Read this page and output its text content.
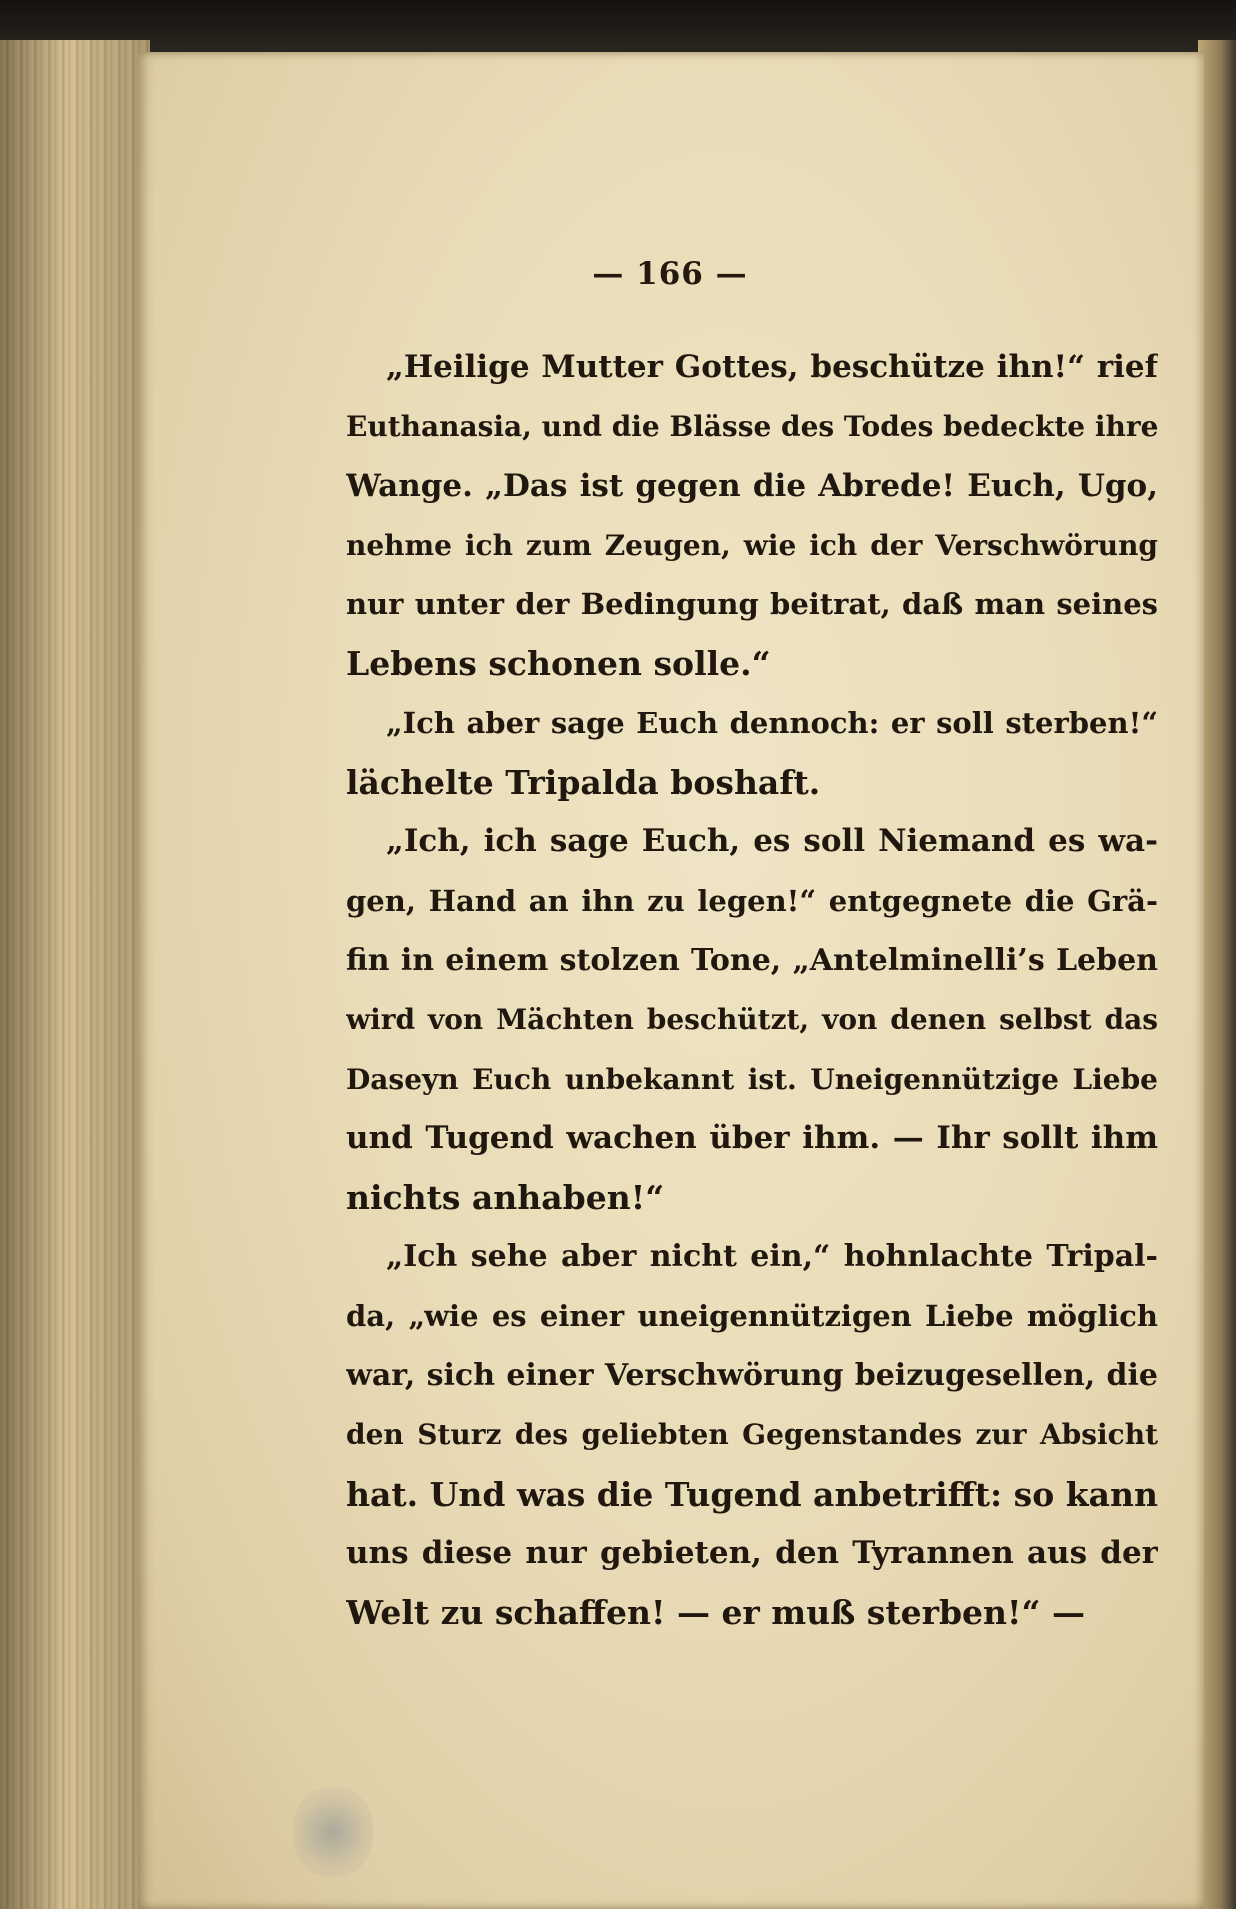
— 166 —
„Heilige Mutter Gottes, beschütze ihn!“ rief
Euthanasia, und die Blässe des Todes bedeckte ihre
Wange. „Das ist gegen die Abrede! Euch, Ugo,
nehme ich zum Zeugen, wie ich der Verschwörung
nur unter der Bedingung beitrat, daß man seines
Lebens schonen solle.“
„Ich aber sage Euch dennoch: er soll sterben!“
lächelte Tripalda boshaft.
„Ich, ich sage Euch, es soll Niemand es wa-
gen, Hand an ihn zu legen!“ entgegnete die Grä-
fin in einem stolzen Tone, „Antelminelli’s Leben
wird von Mächten beschützt, von denen selbst das
Daseyn Euch unbekannt ist. Uneigennützige Liebe
und Tugend wachen über ihm. — Ihr sollt ihm
nichts anhaben!“
„Ich sehe aber nicht ein,“ hohnlachte Tripal-
da, „wie es einer uneigennützigen Liebe möglich
war, sich einer Verschwörung beizugesellen, die
den Sturz des geliebten Gegenstandes zur Absicht
hat. Und was die Tugend anbetrifft: so kann
uns diese nur gebieten, den Tyrannen aus der
Welt zu schaffen! — er muß sterben!“ —
